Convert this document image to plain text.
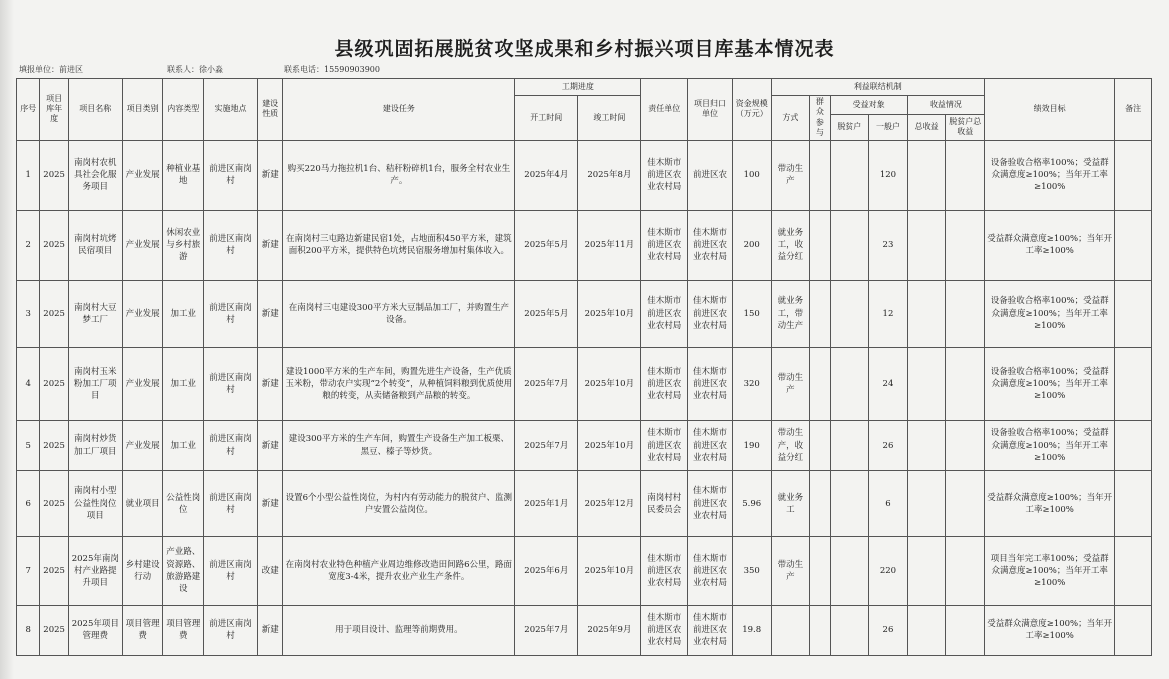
县级巩固拓展脱贫攻坚成果和乡村振兴项目库基本情况表
填报单位：前进区	联系人：徐小淼	联系电话：15590903900
序号	项目库年度	项目名称	项目类别	内容类型	实施地点	建设性质	建设任务	工期进度		责任单位	项目归口单位	资金规模（万元）	利益联结机制						绩效目标	备注
								开工时间	竣工时间				方式	群众参与	受益对象		收益情况			
															脱贫户	一般户	总收益	脱贫户总收益		
1	2025	南岗村农机具社会化服务项目	产业发展	种植业基地	前进区南岗村	新建	购买220马力拖拉机1台、秸秆粉碎机1台，服务全村农业生产。	2025年4月	2025年8月	佳木斯市前进区农业农村局	前进区农	100	带动生产			120			设备验收合格率100%；受益群众满意度≥100%；当年开工率≥100%	
2	2025	南岗村坑烤民宿项目	产业发展	休闲农业与乡村旅游	前进区南岗村	新建	在南岗村三屯路边新建民宿1处，占地面积450平方米，建筑面积200平方米，提供特色坑烤民宿服务增加村集体收入。	2025年5月	2025年11月	佳木斯市前进区农业农村局	佳木斯市前进区农业农村局	200	就业务工，收益分红			23			受益群众满意度≥100%；当年开工率≥100%	
3	2025	南岗村大豆梦工厂	产业发展	加工业	前进区南岗村	新建	在南岗村三屯建设300平方米大豆制品加工厂，并购置生产设备。	2025年5月	2025年10月	佳木斯市前进区农业农村局	佳木斯市前进区农业农村局	150	就业务工，带动生产			12			设备验收合格率100%；受益群众满意度≥100%；当年开工率≥100%	
4	2025	南岗村玉米粉加工厂项目	产业发展	加工业	前进区南岗村	新建	建设1000平方米的生产车间，购置先进生产设备，生产优质玉米粉，带动农户实现“2个转变”，从种植饲料粮到优质使用粮的转变，从卖储备粮到产品粮的转变。	2025年7月	2025年10月	佳木斯市前进区农业农村局	佳木斯市前进区农业农村局	320	带动生产			24			设备验收合格率100%；受益群众满意度≥100%；当年开工率≥100%	
5	2025	南岗村炒货加工厂项目	产业发展	加工业	前进区南岗村	新建	建设300平方米的生产车间，购置生产设备生产加工板栗、黑豆、榛子等炒货。	2025年7月	2025年10月	佳木斯市前进区农业农村局	佳木斯市前进区农业农村局	190	带动生产，收益分红			26			设备验收合格率100%；受益群众满意度≥100%；当年开工率≥100%	
6	2025	南岗村小型公益性岗位项目	就业项目	公益性岗位	前进区南岗村	新建	设置6个小型公益性岗位，为村内有劳动能力的脱贫户、监测户安置公益岗位。	2025年1月	2025年12月	南岗村村民委员会	佳木斯市前进区农业农村局	5.96	就业务工			6			受益群众满意度≥100%；当年开工率≥100%	
7	2025	2025年南岗村产业路提升项目	乡村建设行动	产业路、资源路、旅游路建设	前进区南岗村	改建	在南岗村农业特色种植产业周边维修改造田间路6公里，路面宽度3-4米，提升农业产业生产条件。	2025年6月	2025年10月	佳木斯市前进区农业农村局	佳木斯市前进区农业农村局	350	带动生产			220			项目当年完工率100%；受益群众满意度≥100%；当年开工率≥100%	
8	2025	2025年项目管理费	项目管理费	项目管理费	前进区南岗村	新建	用于项目设计、监理等前期费用。	2025年7月	2025年9月	佳木斯市前进区农业农村局	佳木斯市前进区农业农村局	19.8				26			受益群众满意度≥100%；当年开工率≥100%	
